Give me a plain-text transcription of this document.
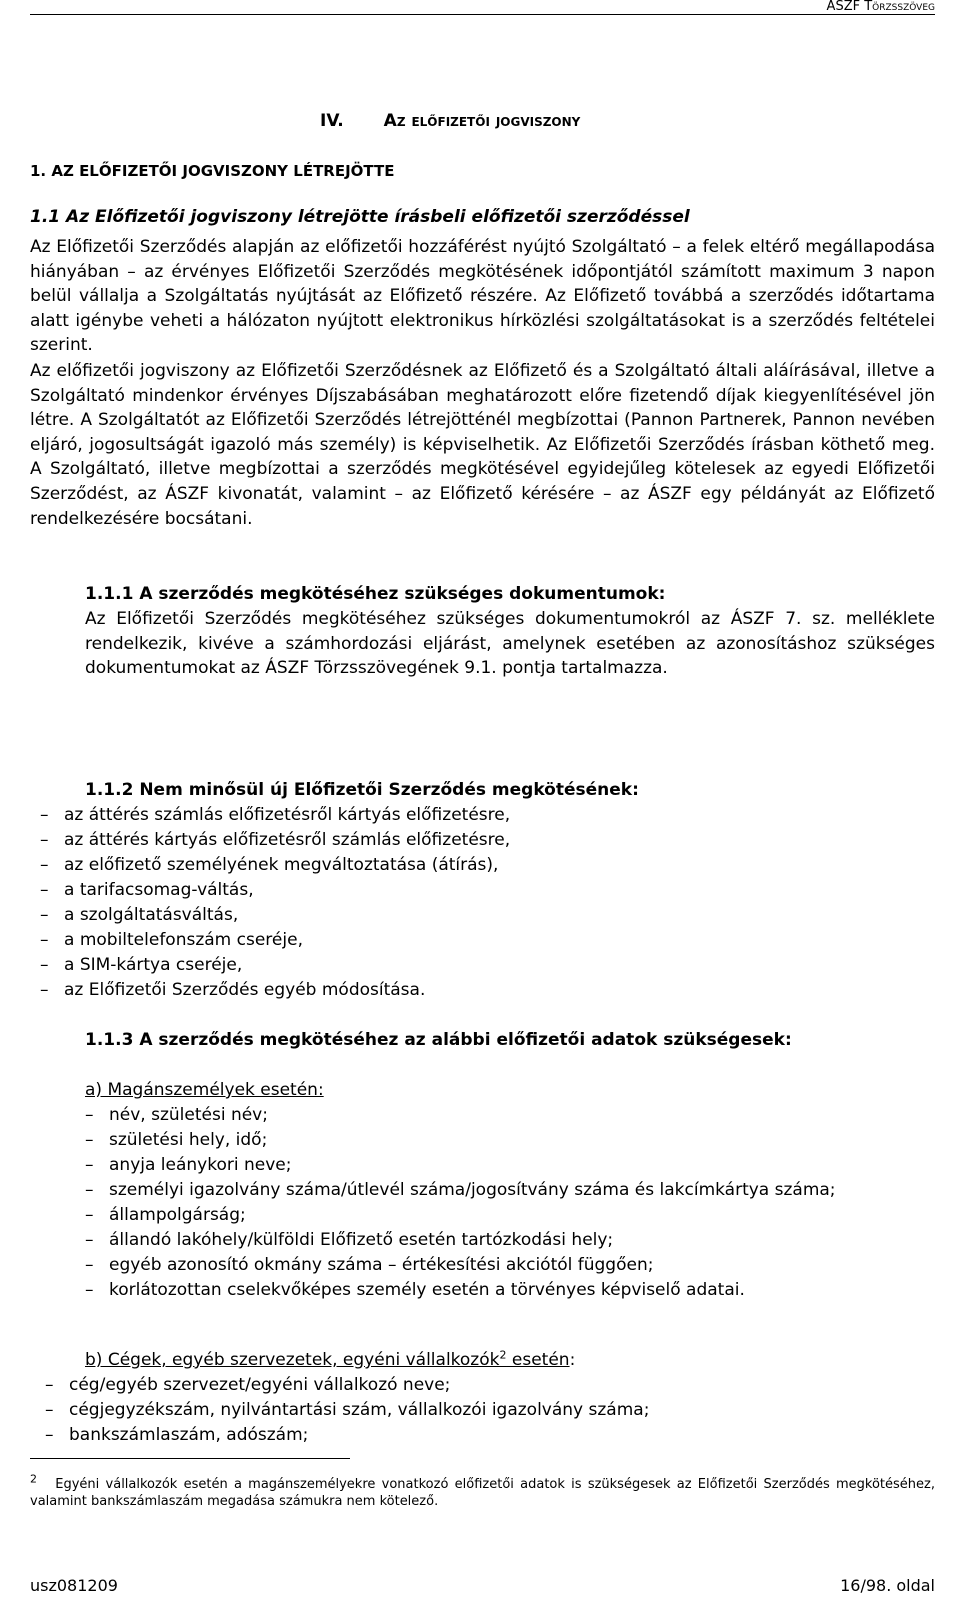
ÁSZF Törzsszöveg
IV. Az előfizetői jogviszony
1. AZ ELŐFIZETŐI JOGVISZONY LÉTREJÖTTE
1.1 Az Előfizetői jogviszony létrejötte írásbeli előfizetői szerződéssel
Az Előfizetői Szerződés alapján az előfizetői hozzáférést nyújtó Szolgáltató – a felek eltérő megállapodása hiányában – az érvényes Előfizetői Szerződés megkötésének időpontjától számított maximum 3 napon belül vállalja a Szolgáltatás nyújtását az Előfizető részére. Az Előfizető továbbá a szerződés időtartama alatt igénybe veheti a hálózaton nyújtott elektronikus hírközlési szolgáltatásokat is a szerződés feltételei szerint.
Az előfizetői jogviszony az Előfizetői Szerződésnek az Előfizető és a Szolgáltató általi aláírásával, illetve a Szolgáltató mindenkor érvényes Díjszabásában meghatározott előre fizetendő díjak kiegyenlítésével jön létre. A Szolgáltatót az Előfizetői Szerződés létrejötténél megbízottai (Pannon Partnerek, Pannon nevében eljáró, jogosultságát igazoló más személy) is képviselhetik. Az Előfizetői Szerződés írásban köthető meg. A Szolgáltató, illetve megbízottai a szerződés megkötésével egyidejűleg kötelesek az egyedi Előfizetői Szerződést, az ÁSZF kivonatát, valamint – az Előfizető kérésére – az ÁSZF egy példányát az Előfizető rendelkezésére bocsátani.
1.1.1 A szerződés megkötéséhez szükséges dokumentumok:
Az Előfizetői Szerződés megkötéséhez szükséges dokumentumokról az ÁSZF 7. sz. melléklete rendelkezik, kivéve a számhordozási eljárást, amelynek esetében az azonosításhoz szükséges dokumentumokat az ÁSZF Törzsszövegének 9.1. pontja tartalmazza.
1.1.2 Nem minősül új Előfizetői Szerződés megkötésének:
– az áttérés számlás előfizetésről kártyás előfizetésre,
– az áttérés kártyás előfizetésről számlás előfizetésre,
– az előfizető személyének megváltoztatása (átírás),
– a tarifacsomag-váltás,
– a szolgáltatásváltás,
– a mobiltelefonszám cseréje,
– a SIM-kártya cseréje,
– az Előfizetői Szerződés egyéb módosítása.
1.1.3 A szerződés megkötéséhez az alábbi előfizetői adatok szükségesek:
a) Magánszemélyek esetén:
– név, születési név;
– születési hely, idő;
– anyja leánykori neve;
– személyi igazolvány száma/útlevél száma/jogosítvány száma és lakcímkártya száma;
– állampolgárság;
– állandó lakóhely/külföldi Előfizető esetén tartózkodási hely;
– egyéb azonosító okmány száma – értékesítési akciótól függően;
– korlátozottan cselekvőképes személy esetén a törvényes képviselő adatai.
b) Cégek, egyéb szervezetek, egyéni vállalkozók$^2$ esetén:
– cég/egyéb szervezet/egyéni vállalkozó neve;
– cégjegyzékszám, nyilvántartási szám, vállalkozói igazolvány száma;
– bankszámlaszám, adószám;
$^2$ Egyéni vállalkozók esetén a magánszemélyekre vonatkozó előfizetői adatok is szükségesek az Előfizetői Szerződés megkötéséhez, valamint bankszámlaszám megadása számukra nem kötelező.
usz081209	16/98. oldal
